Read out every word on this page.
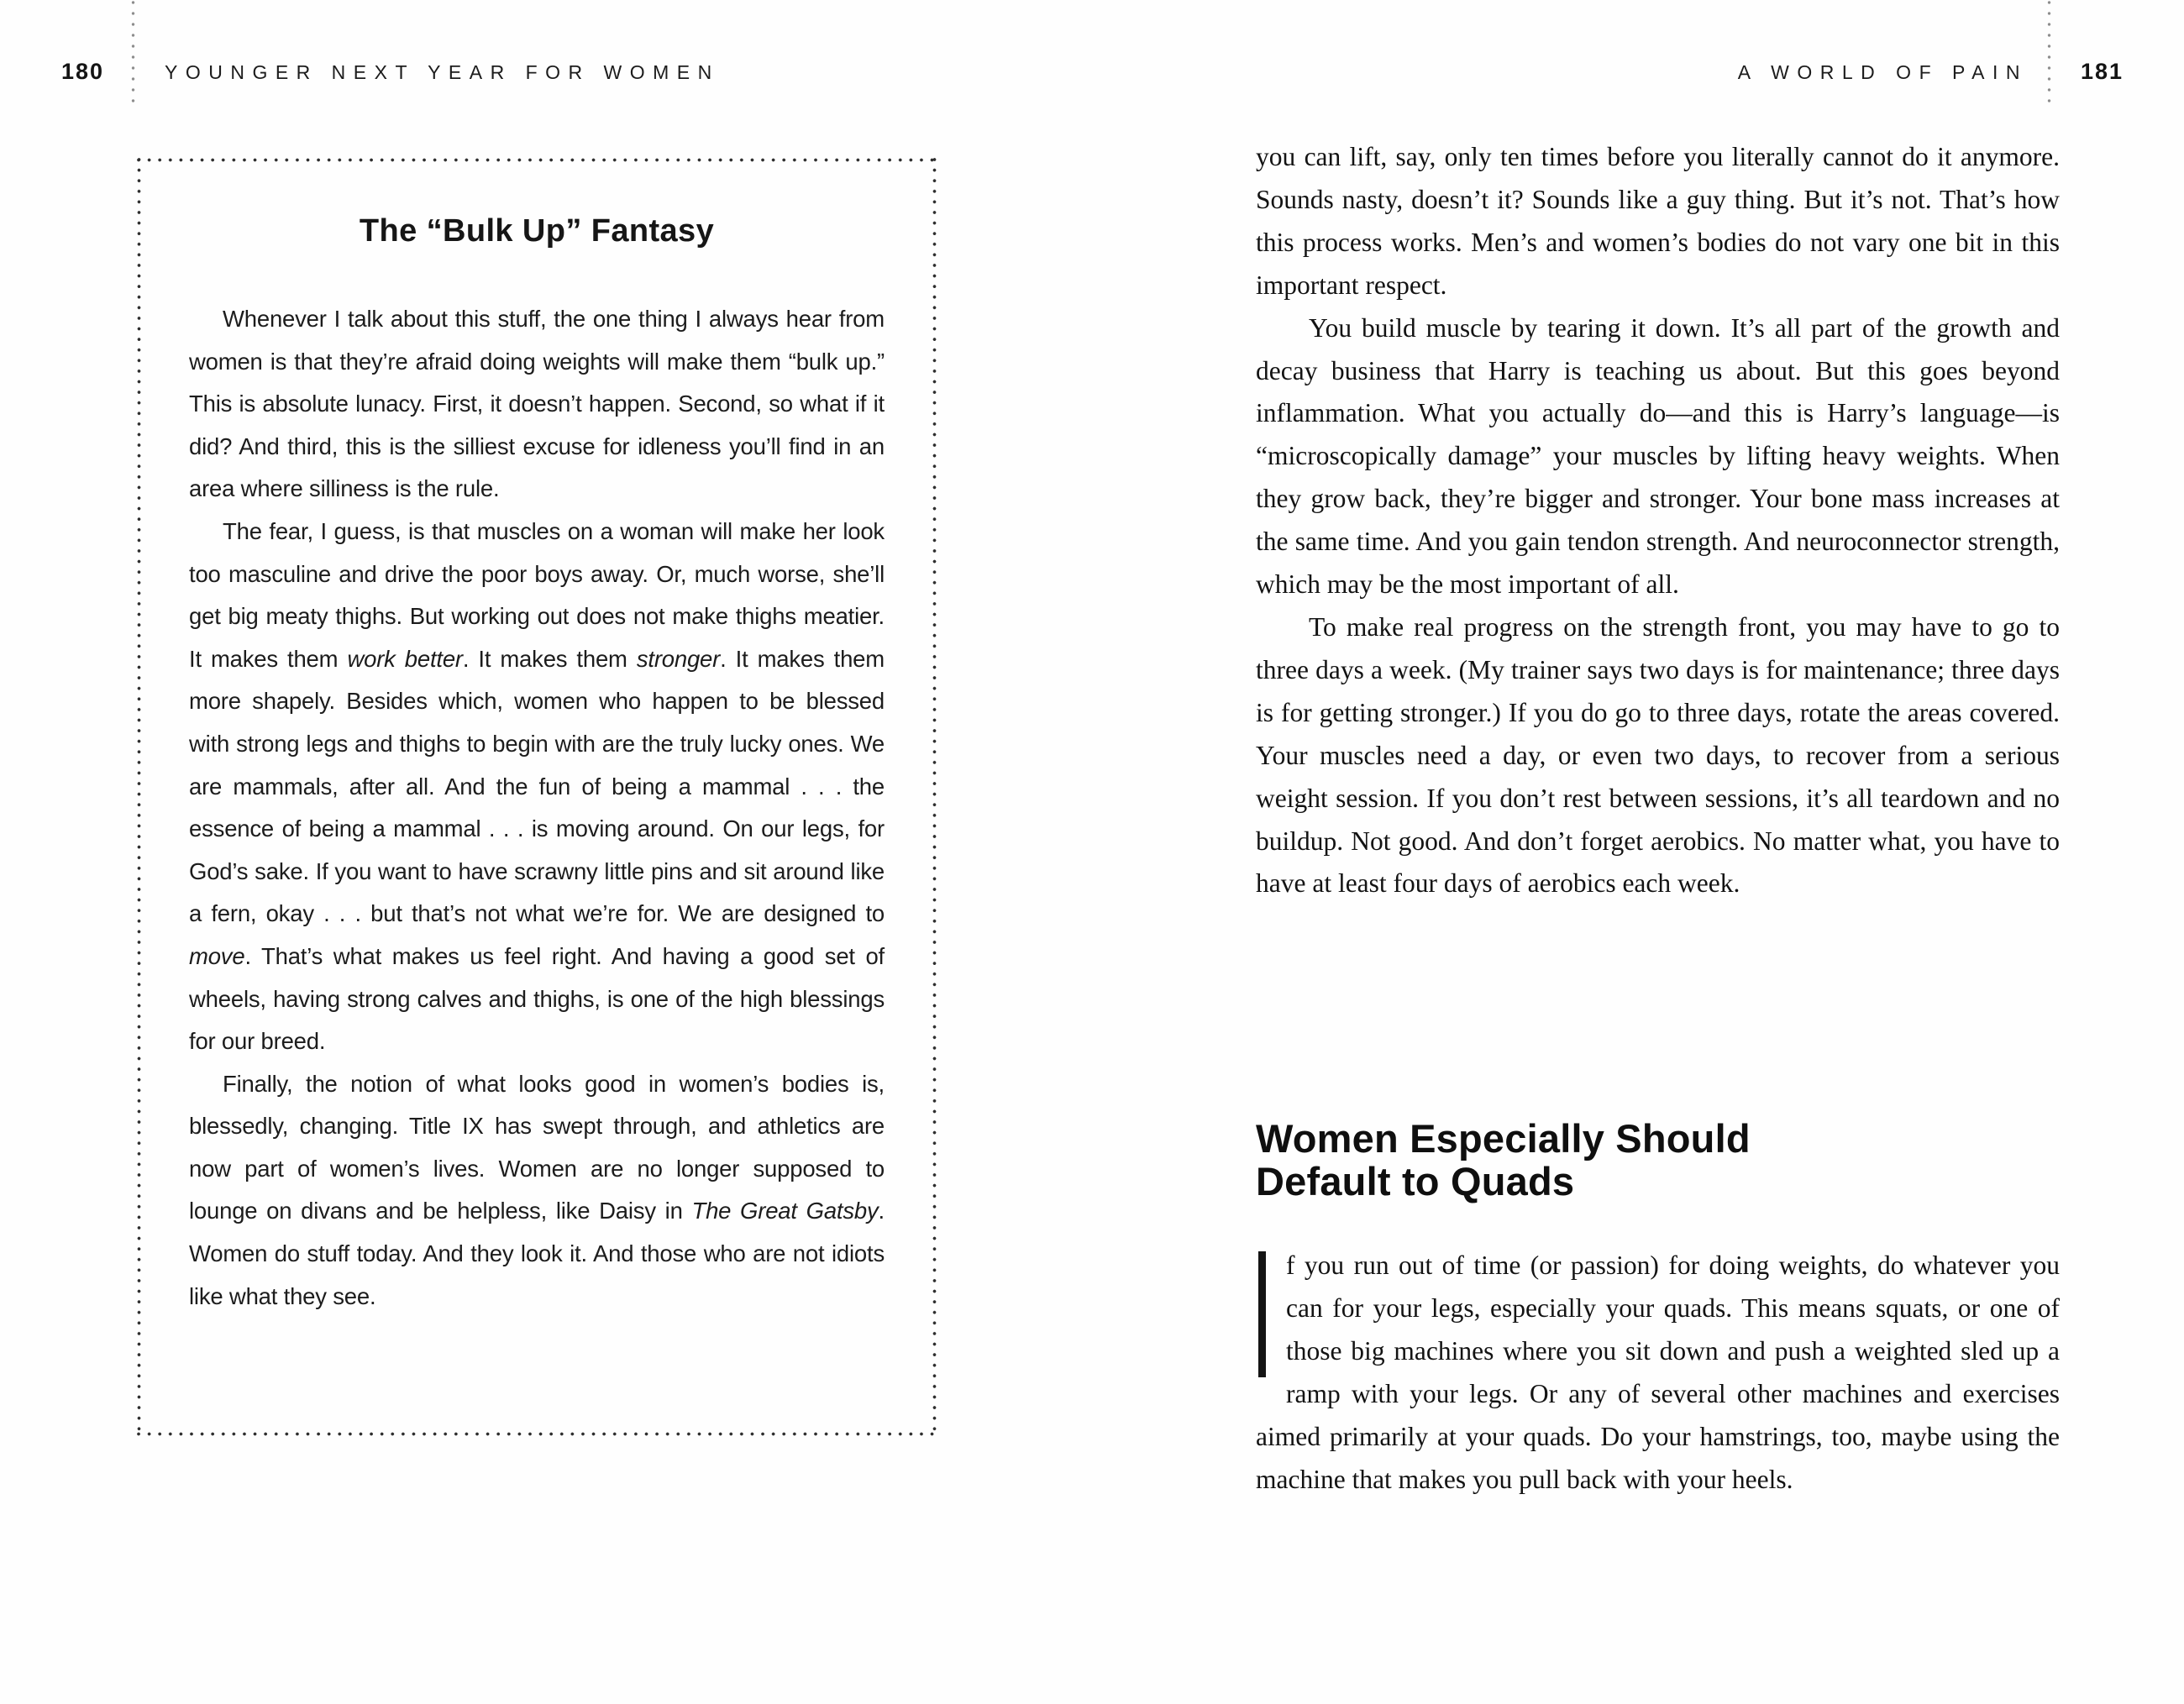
180	YOUNGER NEXT YEAR FOR WOMEN	A WORLD OF PAIN 181
The “Bulk Up” Fantasy

Whenever I talk about this stuff, the one thing I always hear from women is that they’re afraid doing weights will make them “bulk up.” This is absolute lunacy. First, it doesn’t happen. Second, so what if it did? And third, this is the silliest excuse for idleness you’ll find in an area where silliness is the rule.

The fear, I guess, is that muscles on a woman will make her look too masculine and drive the poor boys away. Or, much worse, she’ll get big meaty thighs. But working out does not make thighs meatier. It makes them work better. It makes them stronger. It makes them more shapely. Besides which, women who happen to be blessed with strong legs and thighs to begin with are the truly lucky ones. We are mammals, after all. And the fun of being a mammal . . . the essence of being a mammal . . . is moving around. On our legs, for God’s sake. If you want to have scrawny little pins and sit around like a fern, okay . . . but that’s not what we’re for. We are designed to move. That’s what makes us feel right. And having a good set of wheels, having strong calves and thighs, is one of the high blessings for our breed.

Finally, the notion of what looks good in women’s bodies is, blessedly, changing. Title IX has swept through, and athletics are now part of women’s lives. Women are no longer supposed to lounge on divans and be helpless, like Daisy in The Great Gatsby. Women do stuff today. And they look it. And those who are not idiots like what they see.

you can lift, say, only ten times before you literally cannot do it anymore. Sounds nasty, doesn’t it? Sounds like a guy thing. But it’s not. That’s how this process works. Men’s and women’s bodies do not vary one bit in this important respect.

You build muscle by tearing it down. It’s all part of the growth and decay business that Harry is teaching us about. But this goes beyond inflammation. What you actually do—and this is Harry’s language—is “microscopically damage” your muscles by lifting heavy weights. When they grow back, they’re bigger and stronger. Your bone mass increases at the same time. And you gain tendon strength. And neuroconnector strength, which may be the most important of all.

To make real progress on the strength front, you may have to go to three days a week. (My trainer says two days is for maintenance; three days is for getting stronger.) If you do go to three days, rotate the areas covered. Your muscles need a day, or even two days, to recover from a serious weight session. If you don’t rest between sessions, it’s all teardown and no buildup. Not good. And don’t forget aerobics. No matter what, you have to have at least four days of aerobics each week.

Women Especially Should
Default to Quads
f you run out of time (or passion) for doing weights, do whatever you can for your legs, especially your quads. This means squats, or one of those big machines where you sit down and push a weighted sled up a ramp with your legs. Or any of several other machines and exercises aimed primarily at your quads. Do your hamstrings, too, maybe using the machine that makes you pull back with your heels.
